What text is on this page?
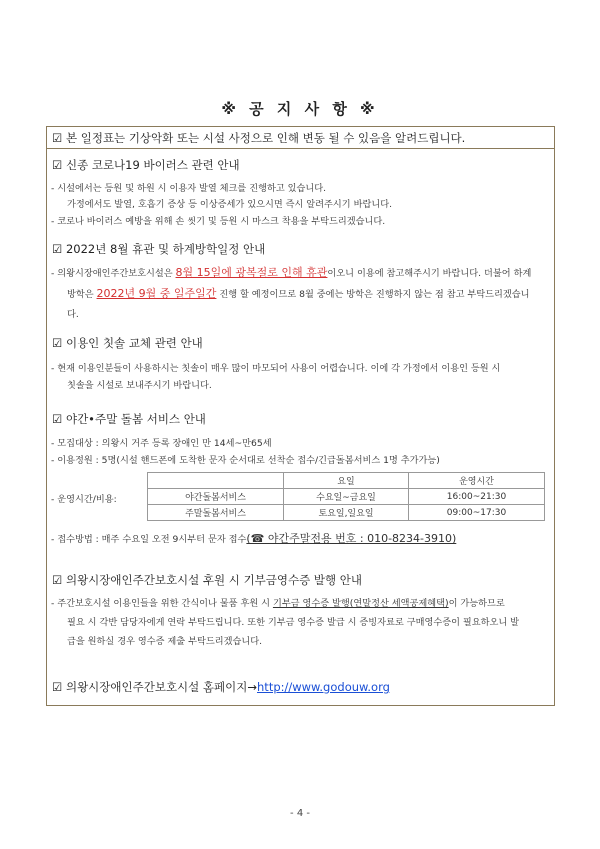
※ 공 지 사 항 ※
☑ 본 일정표는 기상악화 또는 시설 사정으로 인해 변동 될 수 있음을 알려드립니다.
☑ 신종 코로나19 바이러스 관련 안내
- 시설에서는 등원 및 하원 시 이용자 발열 체크를 진행하고 있습니다.
가정에서도 발열, 호흡기 증상 등 이상증세가 있으시면 즉시 알려주시기 바랍니다.
- 코로나 바이러스 예방을 위해 손 씻기 및 등원 시 마스크 착용을 부탁드리겠습니다.
☑ 2022년 8월 휴관 및 하계방학일정 안내
- 의왕시장애인주간보호시설은 8월 15일에 광복절로 인해 휴관이오니 이용에 참고해주시기 바랍니다. 더불어 하계
방학은 2022년 9월 중 일주일간 진행 할 예정이므로 8월 중에는 방학은 진행하지 않는 점 참고 부탁드리겠습니
다.
☑ 이용인 칫솔 교체 관련 안내
- 현재 이용인분들이 사용하시는 칫솔이 매우 많이 마모되어 사용이 어렵습니다. 이에 각 가정에서 이용인 등원 시
칫솔을 시설로 보내주시기 바랍니다.
☑ 야간•주말 돌봄 서비스 안내
- 모집대상 : 의왕시 거주 등록 장애인 만 14세~만65세
- 이용정원 : 5명(시설 핸드폰에 도착한 문자 순서대로 선착순 접수/긴급돌봄서비스 1명 추가가능)
- 운영시간/비용:
	요일	운영시간
야간돌봄서비스	수요일~금요일	16:00~21:30
주말돌봄서비스	토요일,일요일	09:00~17:30
- 접수방법 : 매주 수요일 오전 9시부터 문자 접수(☎ 야간주말전용 번호 : 010-8234-3910)
☑ 의왕시장애인주간보호시설 후원 시 기부금영수증 발행 안내
- 주간보호시설 이용인들을 위한 간식이나 물품 후원 시 기부금 영수증 발행(연말정산 세액공제혜택)이 가능하므로
필요 시 각반 담당자에게 연락 부탁드립니다. 또한 기부금 영수증 발급 시 증빙자료로 구매영수증이 필요하오니 발
급을 원하실 경우 영수증 제출 부탁드리겠습니다.
☑ 의왕시장애인주간보호시설 홈페이지→http://www.godouw.org
- 4 -
